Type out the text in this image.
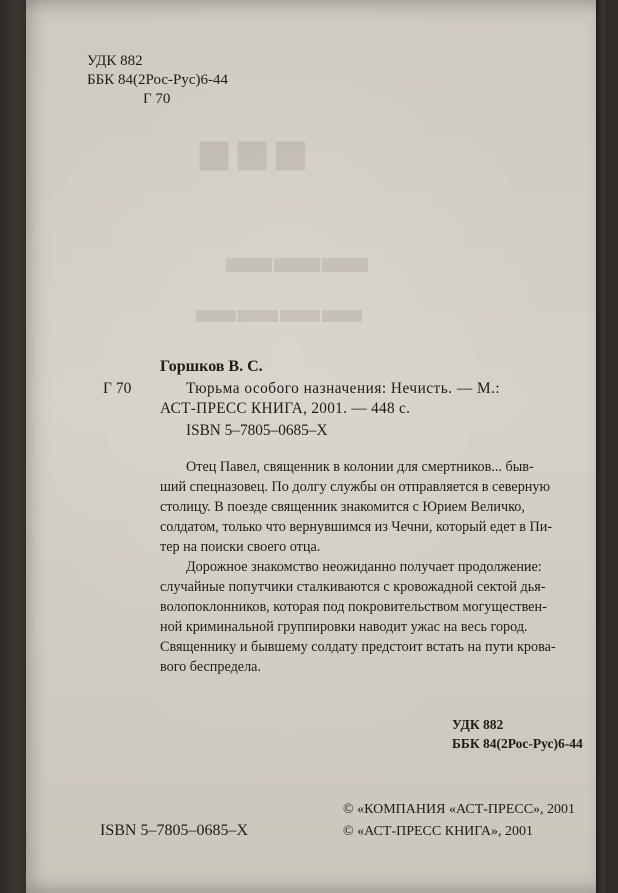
■■■
▬▬▬
▬▬▬▬
УДК 882
ББК 84(2Рос-Рус)6-44
Г 70
Горшков В. С.
Г 70	Тюрьма особого назначения: Нечисть. — М.:
АСТ-ПРЕСС КНИГА, 2001. — 448 с.
ISBN 5–7805–0685–X
Отец Павел, священник в колонии для смертников... быв-
ший спецназовец. По долгу службы он отправляется в северную
столицу. В поезде священник знакомится с Юрием Величко,
солдатом, только что вернувшимся из Чечни, который едет в Пи-
тер на поиски своего отца.
Дорожное знакомство неожиданно получает продолжение:
случайные попутчики сталкиваются с кровожадной сектой дья-
волопоклонников, которая под покровительством могуществен-
ной криминальной группировки наводит ужас на весь город.
Священнику и бывшему солдату предстоит встать на пути крова-
вого беспредела.
УДК 882
ББК 84(2Рос-Рус)6-44
ISBN 5–7805–0685–X
© «КОМПАНИЯ «АСТ-ПРЕСС», 2001
© «АСТ-ПРЕСС КНИГА», 2001
